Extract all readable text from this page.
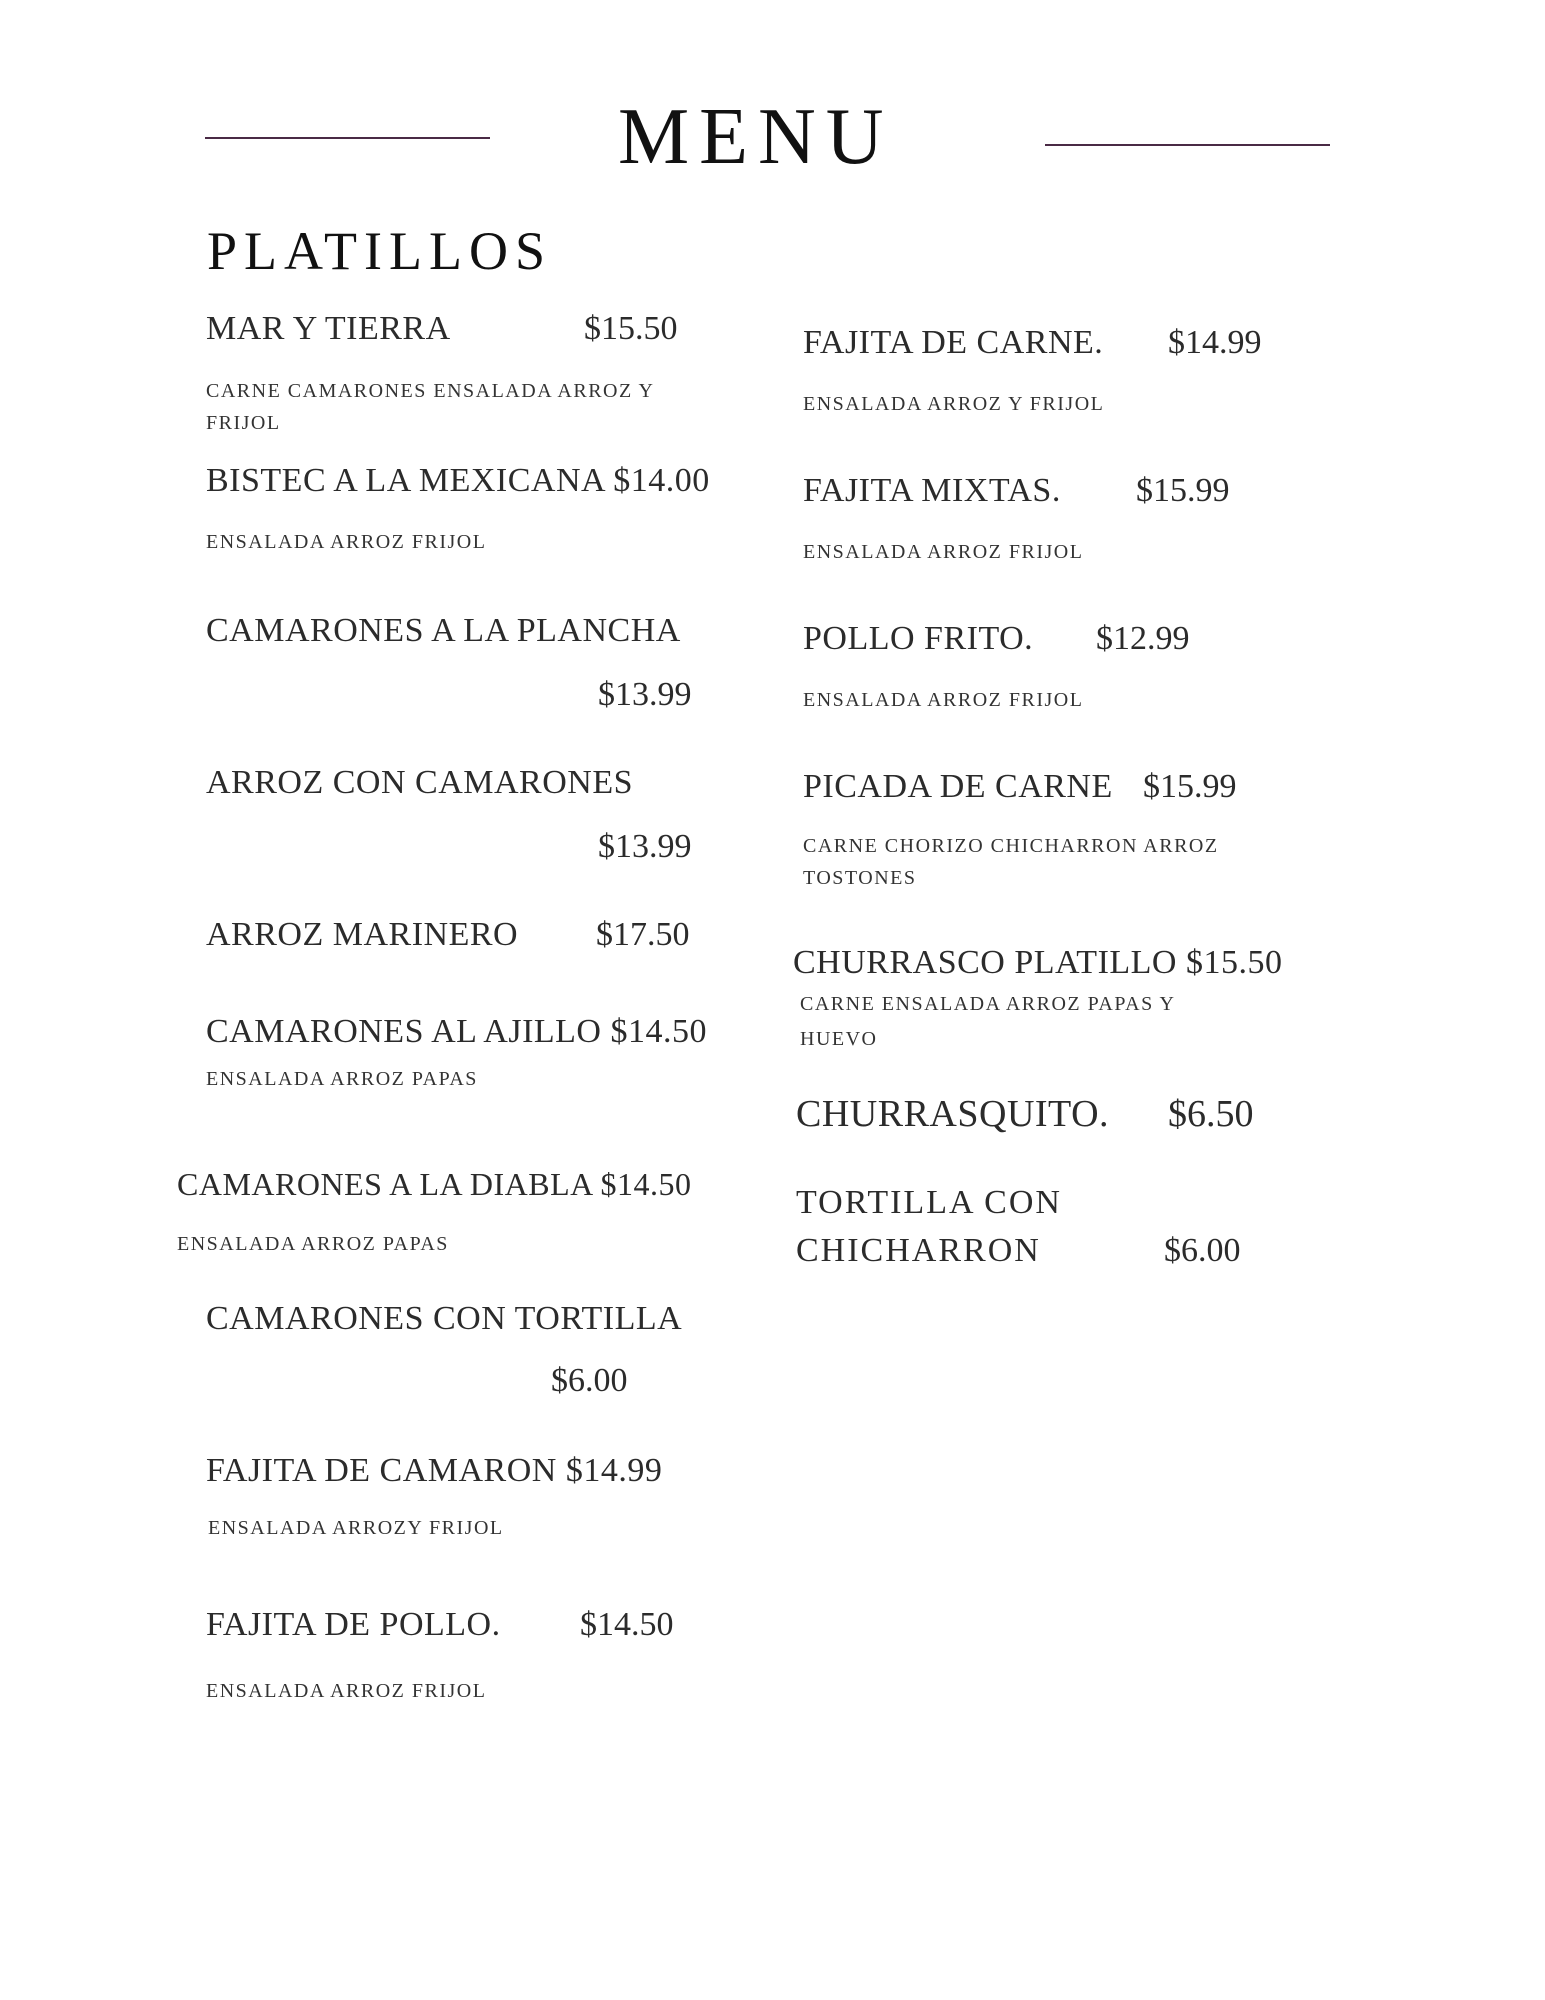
MENU
PLATILLOS
MAR Y TIERRA	$15.50
CARNE CAMARONES ENSALADA ARROZ Y
FRIJOL
BISTEC A LA MEXICANA $14.00
ENSALADA ARROZ FRIJOL
CAMARONES A LA PLANCHA
$13.99
ARROZ CON CAMARONES
$13.99
ARROZ MARINERO $17.50
CAMARONES AL AJILLO $14.50
ENSALADA ARROZ PAPAS
CAMARONES A LA DIABLA $14.50
ENSALADA ARROZ PAPAS
CAMARONES CON TORTILLA
$6.00
FAJITA DE CAMARON $14.99
ENSALADA ARROZY FRIJOL
FAJITA DE POLLO. $14.50
ENSALADA ARROZ FRIJOL
FAJITA DE CARNE. $14.99
ENSALADA ARROZ Y FRIJOL
FAJITA MIXTAS. $15.99
ENSALADA ARROZ FRIJOL
POLLO FRITO. $12.99
ENSALADA ARROZ FRIJOL
PICADA DE CARNE $15.99
CARNE CHORIZO CHICHARRON ARROZ
TOSTONES
CHURRASCO PLATILLO $15.50
CARNE ENSALADA ARROZ PAPAS Y
HUEVO
CHURRASQUITO. $6.50
TORTILLA CON
CHICHARRON	$6.00
